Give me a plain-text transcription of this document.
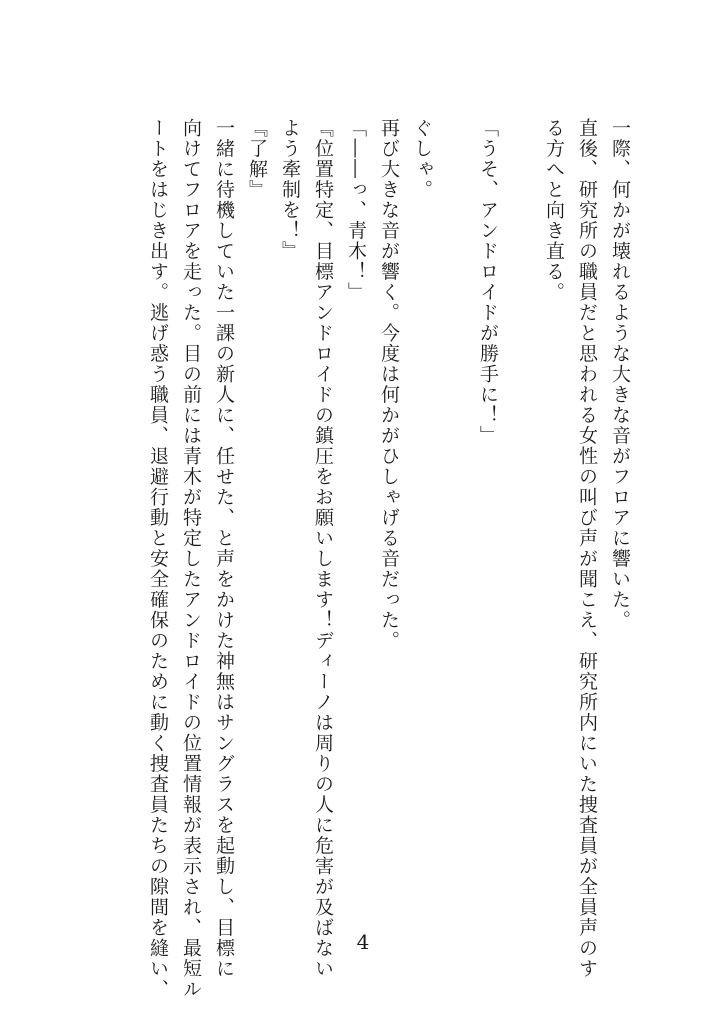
一際、何かが壊れるような大きな音がフロアに響いた。

直後、研究所の職員だと思われる女性の叫び声が聞こえ、研究所内にいた捜査員が全員声のす

る方へと向き直る。

「うそ、アンドロイドが勝手に！」

ぐしゃ。

再び大きな音が響く。今度は何かがひしゃげる音だった。

「――っ、青木！」

『位置特定、目標アンドロイドの鎮圧をお願いします！ディーノは周りの人に危害が及ばない

よう牽制を！』

『了解』

一緒に待機していた一課の新人に、任せた、と声をかけた神無はサングラスを起動し、目標に

向けてフロアを走った。目の前には青木が特定したアンドロイドの位置情報が表示され、最短ル

ートをはじき出す。逃げ惑う職員、退避行動と安全確保のために動く捜査員たちの隙間を縫い、	4
